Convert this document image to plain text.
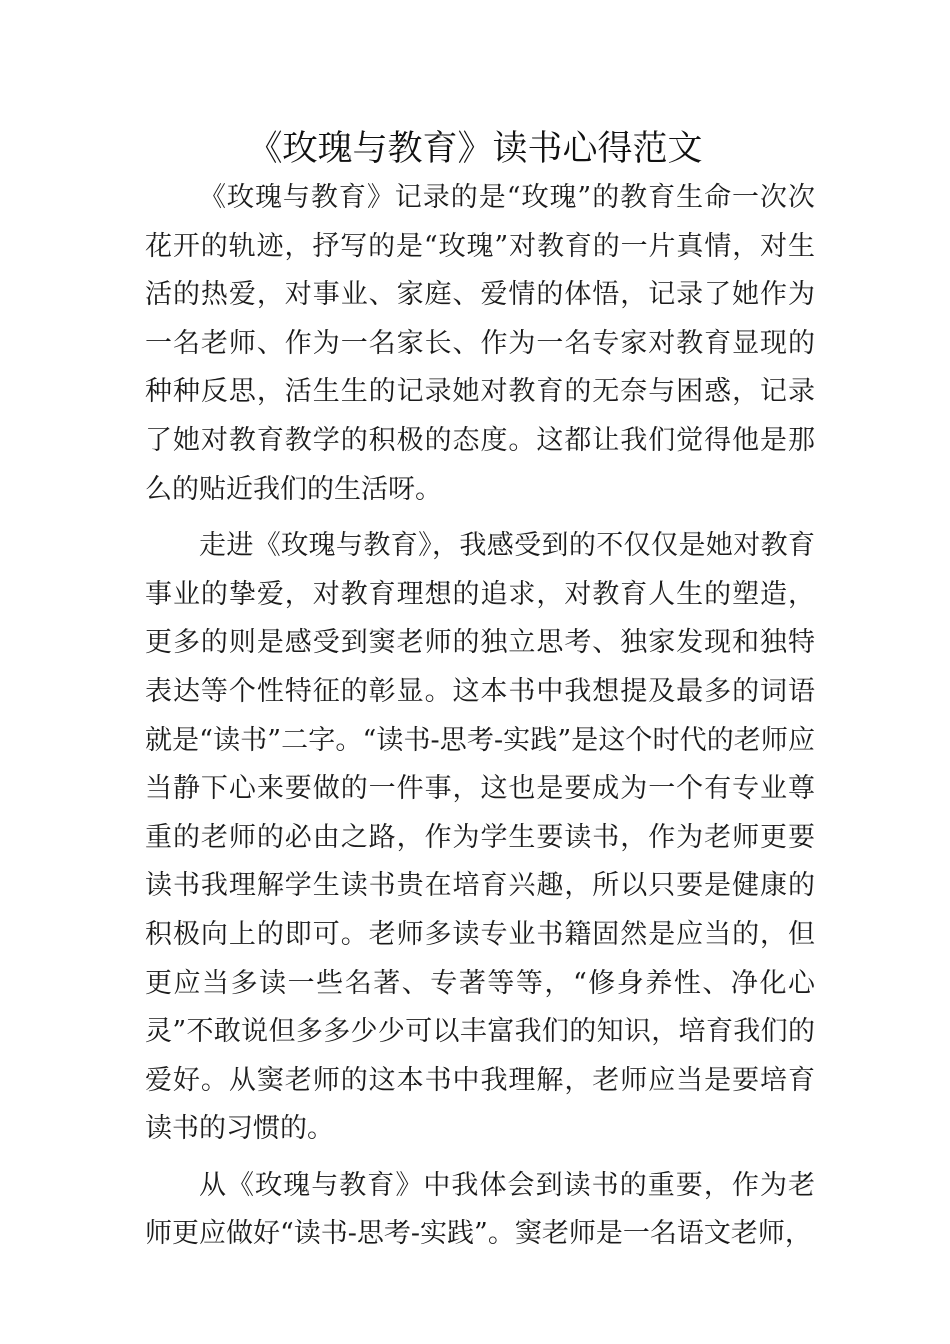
《玫瑰与教育》读书心得范文

《玫瑰与教育》记录的是“玫瑰”的教育生命一次次花开的轨迹，抒写的是“玫瑰”对教育的一片真情，对生活的热爱，对事业、家庭、爱情的体悟，记录了她作为一名老师、作为一名家长、作为一名专家对教育显现的种种反思，活生生的记录她对教育的无奈与困惑，记录了她对教育教学的积极的态度。这都让我们觉得他是那么的贴近我们的生活呀。

走进《玫瑰与教育》，我感受到的不仅仅是她对教育事业的挚爱，对教育理想的追求，对教育人生的塑造，更多的则是感受到窦老师的独立思考、独家发现和独特表达等个性特征的彰显。这本书中我想提及最多的词语就是“读书”二字。“读书-思考-实践”是这个时代的老师应当静下心来要做的一件事，这也是要成为一个有专业尊重的老师的必由之路，作为学生要读书，作为老师更要读书我理解学生读书贵在培育兴趣，所以只要是健康的积极向上的即可。老师多读专业书籍固然是应当的，但更应当多读一些名著、专著等等，“修身养性、净化心灵”不敢说但多多少少可以丰富我们的知识，培育我们的爱好。从窦老师的这本书中我理解，老师应当是要培育读书的习惯的。

从《玫瑰与教育》中我体会到读书的重要，作为老师更应做好“读书-思考-实践”。窦老师是一名语文老师，
